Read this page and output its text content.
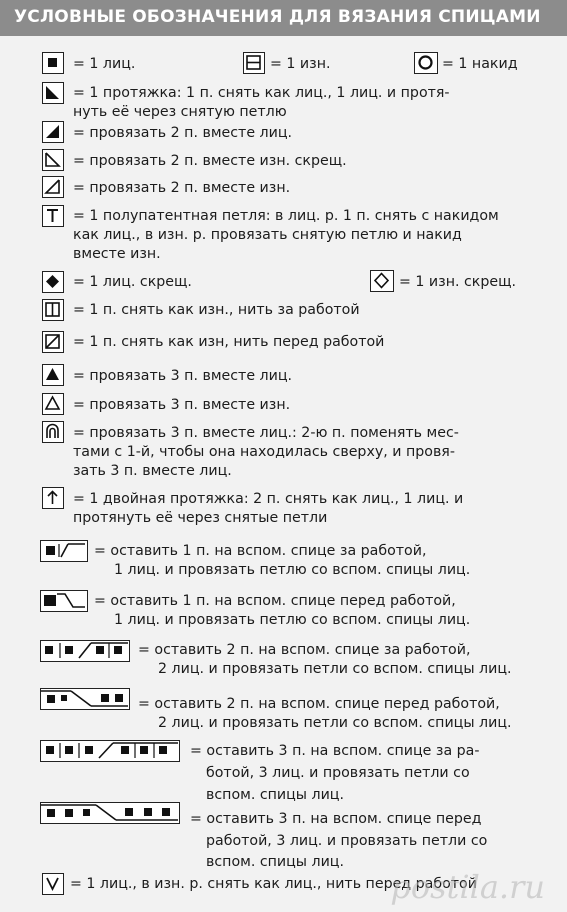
УСЛОВНЫЕ ОБОЗНАЧЕНИЯ ДЛЯ ВЯЗАНИЯ СПИЦАМИ
= 1 лиц.	= 1 изн.	= 1 накид
= 1 протяжка: 1 п. снять как лиц., 1 лиц. и протя-
нуть её через снятую петлю
= провязать 2 п. вместе лиц.
= провязать 2 п. вместе изн. скрещ.
= провязать 2 п. вместе изн.
= 1 полупатентная петля: в лиц. р. 1 п. снять с накидом
как лиц., в изн. р. провязать снятую петлю и накид
вместе изн.
= 1 лиц. скрещ.	= 1 изн. скрещ.
= 1 п. снять как изн., нить за работой
= 1 п. снять как изн, нить перед работой
= провязать 3 п. вместе лиц.
= провязать 3 п. вместе изн.
= провязать 3 п. вместе лиц.: 2-ю п. поменять мес-
тами с 1-й, чтобы она находилась сверху, и провя-
зать 3 п. вместе лиц.
= 1 двойная протяжка: 2 п. снять как лиц., 1 лиц. и
протянуть её через снятые петли
= оставить 1 п. на вспом. спице за работой,
1 лиц. и провязать петлю со вспом. спицы лиц.
= оставить 1 п. на вспом. спице перед работой,
1 лиц. и провязать петлю со вспом. спицы лиц.
= оставить 2 п. на вспом. спице за работой,
2 лиц. и провязать петли со вспом. спицы лиц.
= оставить 2 п. на вспом. спице перед работой,
2 лиц. и провязать петли со вспом. спицы лиц.
= оставить 3 п. на вспом. спице за ра-
ботой, 3 лиц. и провязать петли со
вспом. спицы лиц.
= оставить 3 п. на вспом. спице перед
работой, 3 лиц. и провязать петли со
вспом. спицы лиц.
= 1 лиц., в изн. р. снять как лиц., нить перед работой
postila.ru
